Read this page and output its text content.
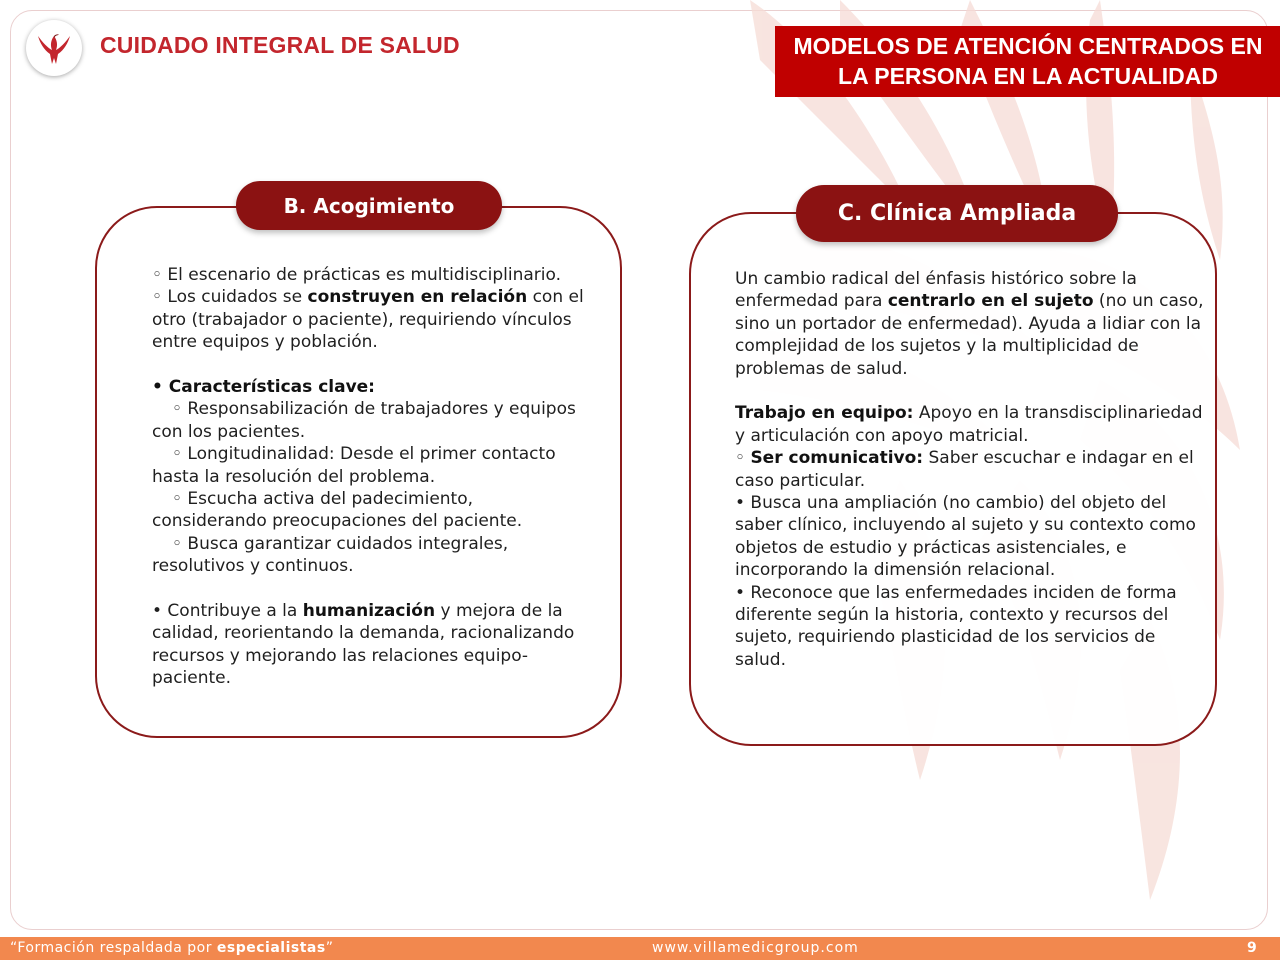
CUIDADO INTEGRAL DE SALUD	MODELOS DE ATENCIÓN CENTRADOS EN
LA PERSONA EN LA ACTUALIDAD
B. Acogimiento

◦ El escenario de prácticas es multidisciplinario.

◦ Los cuidados se construyen en relación con el otro (trabajador o paciente), requiriendo vínculos entre equipos y población.

• Características clave:

◦ Responsabilización de trabajadores y equipos con los pacientes.

◦ Longitudinalidad: Desde el primer contacto hasta la resolución del problema.

◦ Escucha activa del padecimiento, considerando preocupaciones del paciente.

◦ Busca garantizar cuidados integrales, resolutivos y continuos.

• Contribuye a la humanización y mejora de la calidad, reorientando la demanda, racionalizando recursos y mejorando las relaciones equipo-paciente.

C. Clínica Ampliada

Un cambio radical del énfasis histórico sobre la enfermedad para centrarlo en el sujeto (no un caso, sino un portador de enfermedad). Ayuda a lidiar con la complejidad de los sujetos y la multiplicidad de problemas de salud.

Trabajo en equipo: Apoyo en la transdisciplinariedad y articulación con apoyo matricial.

◦ Ser comunicativo: Saber escuchar e indagar en el caso particular.

• Busca una ampliación (no cambio) del objeto del saber clínico, incluyendo al sujeto y su contexto como objetos de estudio y prácticas asistenciales, e incorporando la dimensión relacional.

• Reconoce que las enfermedades inciden de forma diferente según la historia, contexto y recursos del sujeto, requiriendo plasticidad de los servicios de salud.

“Formación respaldada por especialistas”	www.villamedicgroup.com	9
